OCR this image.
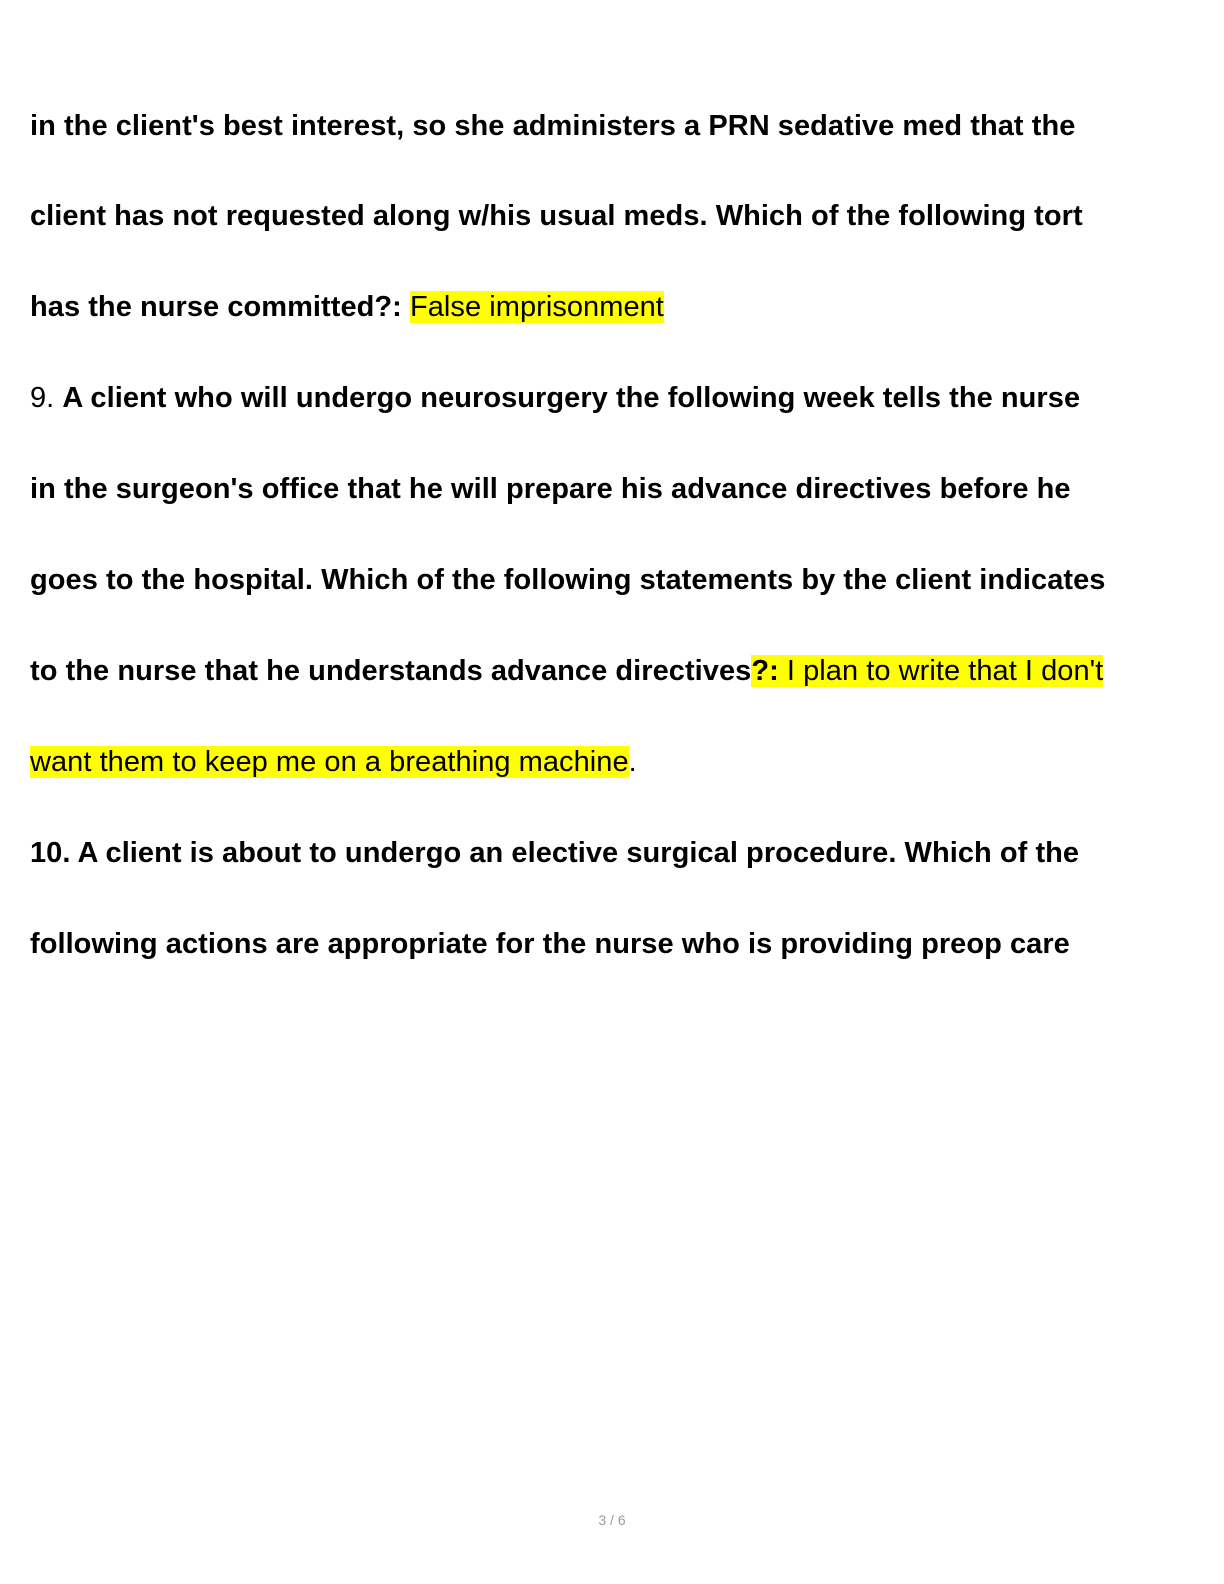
in the client's best interest, so she administers a PRN sedative med that the
client has not requested along w/his usual meds. Which of the following tort
has the nurse committed?: False imprisonment
9. A client who will undergo neurosurgery the following week tells the nurse
in the surgeon's office that he will prepare his advance directives before he
goes to the hospital. Which of the following statements by the client indicates
to the nurse that he understands advance directives?: I plan to write that I don't
want them to keep me on a breathing machine.
10. A client is about to undergo an elective surgical procedure. Which of the
following actions are appropriate for the nurse who is providing preop care
3 / 6
